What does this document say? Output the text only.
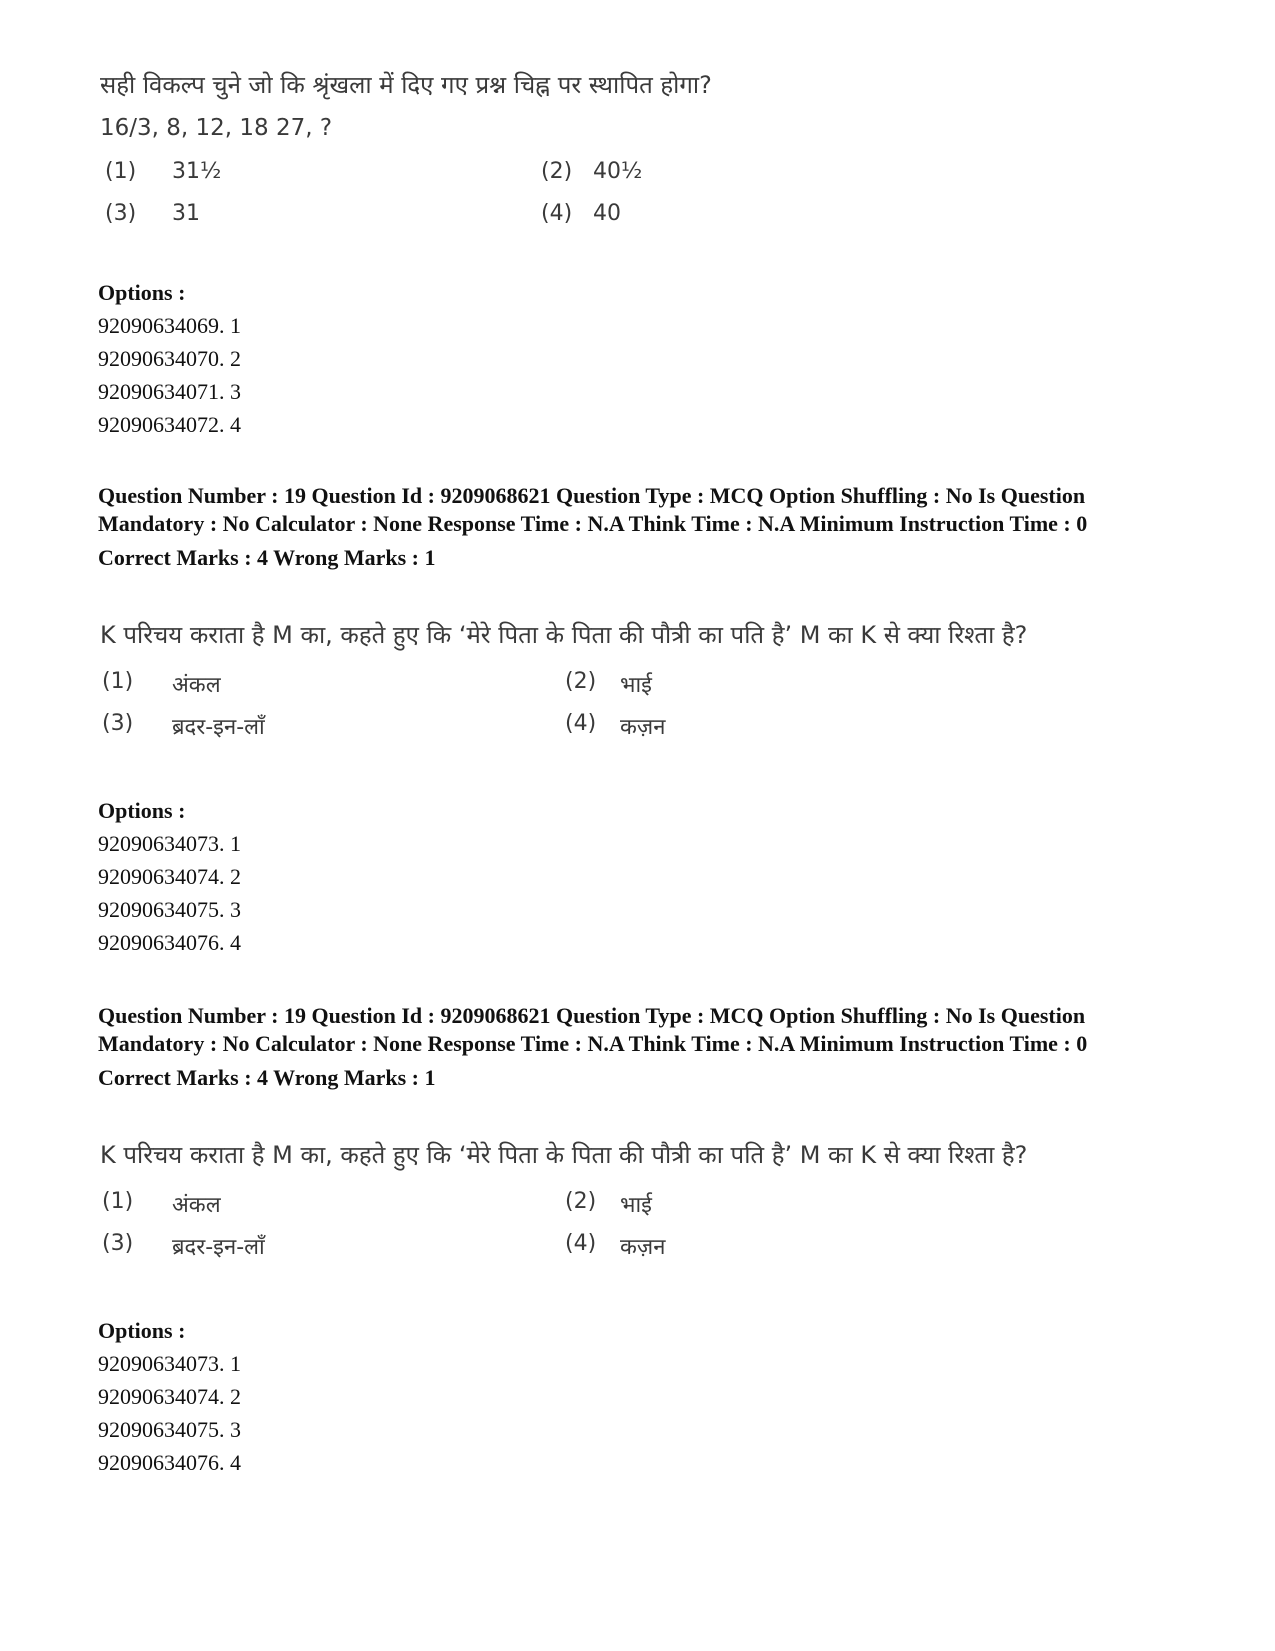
सही विकल्प चुने जो कि श्रृंखला में दिए गए प्रश्न चिह्न पर स्थापित होगा?
16/3, 8, 12, 18 27, ?
(1) 31½	(2) 40½
(3) 31	(4) 40
Options :
92090634069. 1
92090634070. 2
92090634071. 3
92090634072. 4
Question Number : 19 Question Id : 9209068621 Question Type : MCQ Option Shuffling : No Is Question Mandatory : No Calculator : None Response Time : N.A Think Time : N.A Minimum Instruction Time : 0
Correct Marks : 4 Wrong Marks : 1
K परिचय कराता है M का, कहते हुए कि ‘मेरे पिता के पिता की पौत्री का पति है’ M का K से क्या रिश्ता है?
(1) अंकल	(2) भाई
(3) ब्रदर-इन-लॉं	(4) कज़न
Options :
92090634073. 1
92090634074. 2
92090634075. 3
92090634076. 4
Question Number : 19 Question Id : 9209068621 Question Type : MCQ Option Shuffling : No Is Question Mandatory : No Calculator : None Response Time : N.A Think Time : N.A Minimum Instruction Time : 0
Correct Marks : 4 Wrong Marks : 1
K परिचय कराता है M का, कहते हुए कि ‘मेरे पिता के पिता की पौत्री का पति है’ M का K से क्या रिश्ता है?
(1) अंकल	(2) भाई
(3) ब्रदर-इन-लॉं	(4) कज़न
Options :
92090634073. 1
92090634074. 2
92090634075. 3
92090634076. 4
